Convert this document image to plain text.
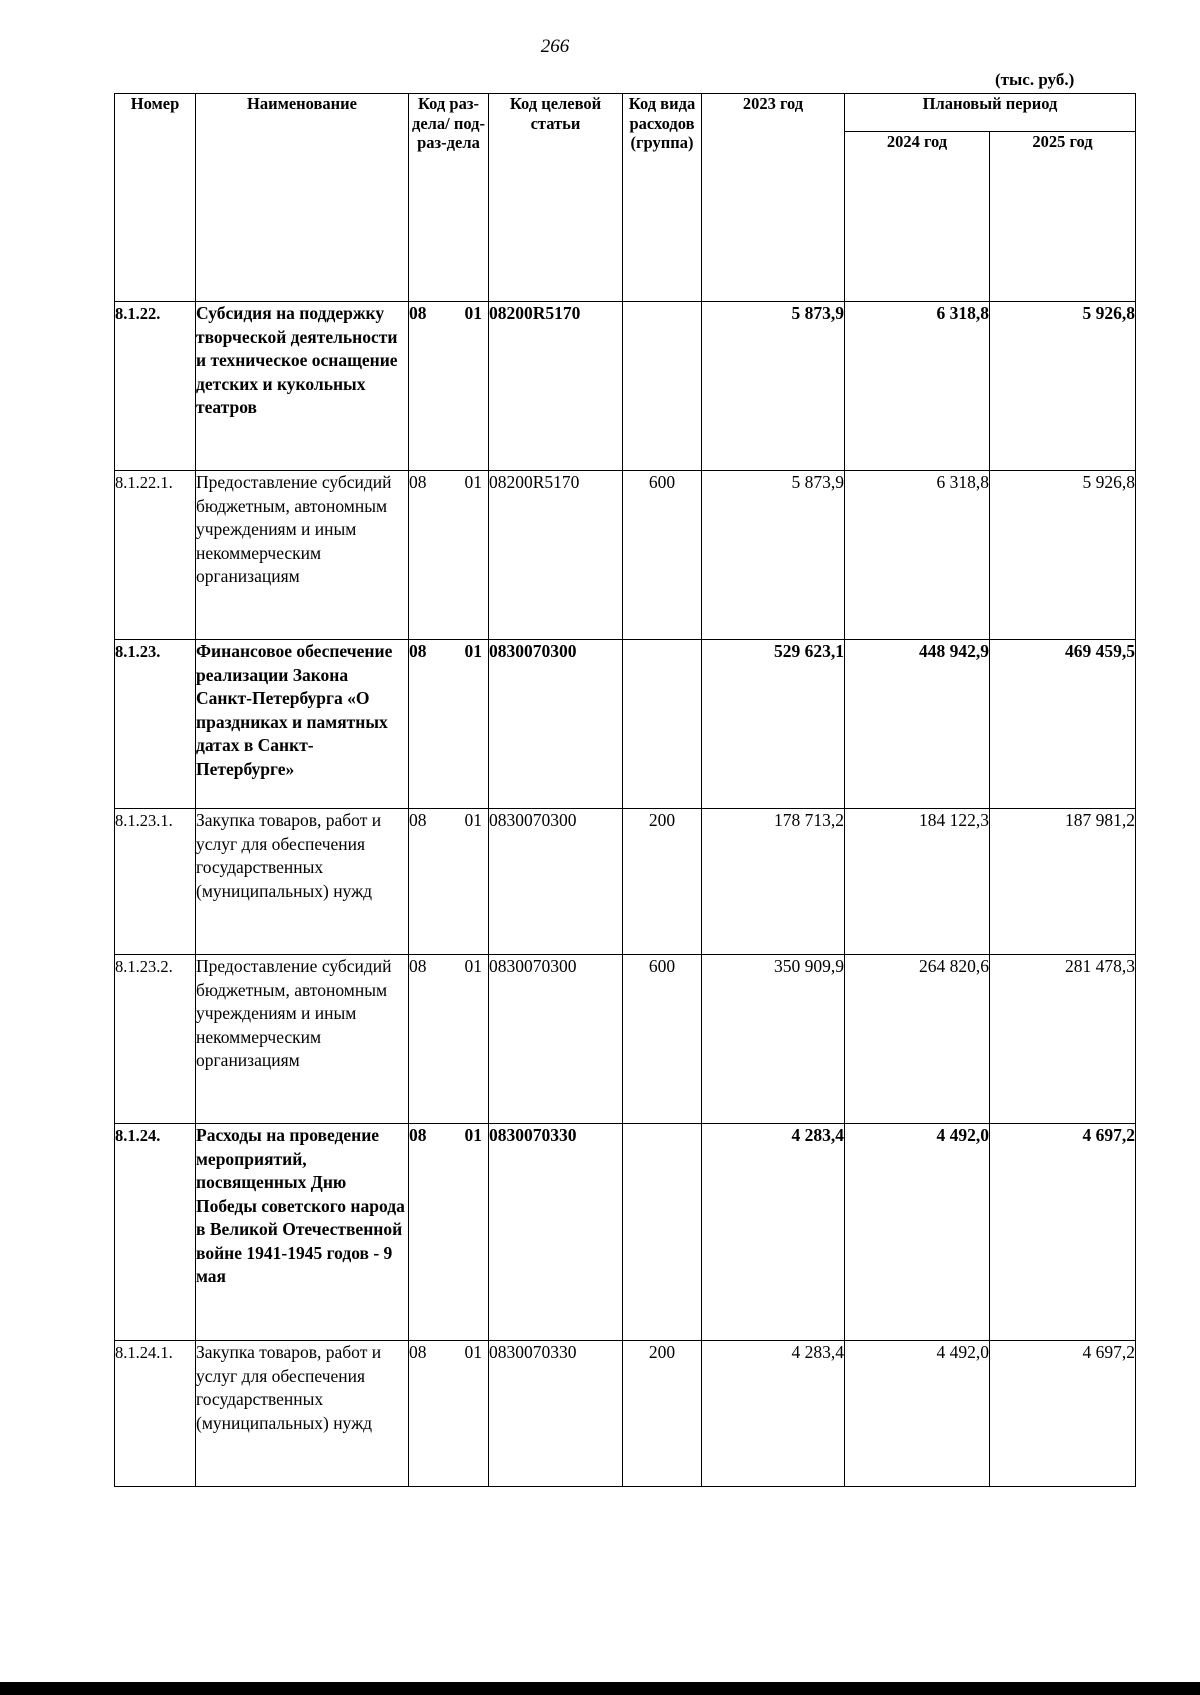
266
(тыс. руб.)
Номер	Наименование	Код раз-дела/ под-раз-дела	Код целевой статьи	Код вида расходов (группа)	2023 год	Плановый период	
						2024 год	2025 год
8.1.22.	Субсидия на поддержку творческой деятельности и техническое оснащение детских и кукольных театров	08 01	08200R5170		5 873,9	6 318,8	5 926,8
8.1.22.1.	Предоставление субсидий бюджетным, автономным учреждениям и иным некоммерческим организациям	08 01	08200R5170	600	5 873,9	6 318,8	5 926,8
8.1.23.	Финансовое обеспечение реализации Закона Санкт-Петербурга «О праздниках и памятных датах в Санкт-Петербурге»	08 01	0830070300		529 623,1	448 942,9	469 459,5
8.1.23.1.	Закупка товаров, работ и услуг для обеспечения государственных (муниципальных) нужд	08 01	0830070300	200	178 713,2	184 122,3	187 981,2
8.1.23.2.	Предоставление субсидий бюджетным, автономным учреждениям и иным некоммерческим организациям	08 01	0830070300	600	350 909,9	264 820,6	281 478,3
8.1.24.	Расходы на проведение мероприятий, посвященных Дню Победы советского народа в Великой Отечественной войне 1941-1945 годов - 9 мая	08 01	0830070330		4 283,4	4 492,0	4 697,2
8.1.24.1.	Закупка товаров, работ и услуг для обеспечения государственных (муниципальных) нужд	08 01	0830070330	200	4 283,4	4 492,0	4 697,2
